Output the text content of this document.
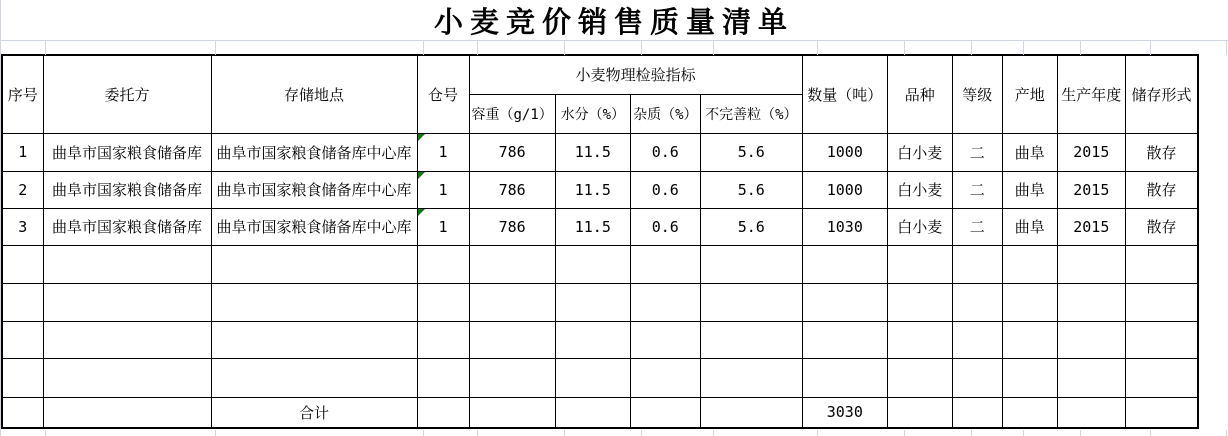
小麦竞价销售质量清单
序号	委托方	存储地点	仓号	小麦物理检验指标				数量（吨）	品种	等级	产地	生产年度	储存形式
				容重（g/1）	水分（%）	杂质（%）	不完善粒（%）						
1	曲阜市国家粮食储备库	曲阜市国家粮食储备库中心库	1	786	11.5	0.6	5.6	1000	白小麦	二	曲阜	2015	散存
2	曲阜市国家粮食储备库	曲阜市国家粮食储备库中心库	1	786	11.5	0.6	5.6	1000	白小麦	二	曲阜	2015	散存
3	曲阜市国家粮食储备库	曲阜市国家粮食储备库中心库	1	786	11.5	0.6	5.6	1030	白小麦	二	曲阜	2015	散存

		合计						3030					
